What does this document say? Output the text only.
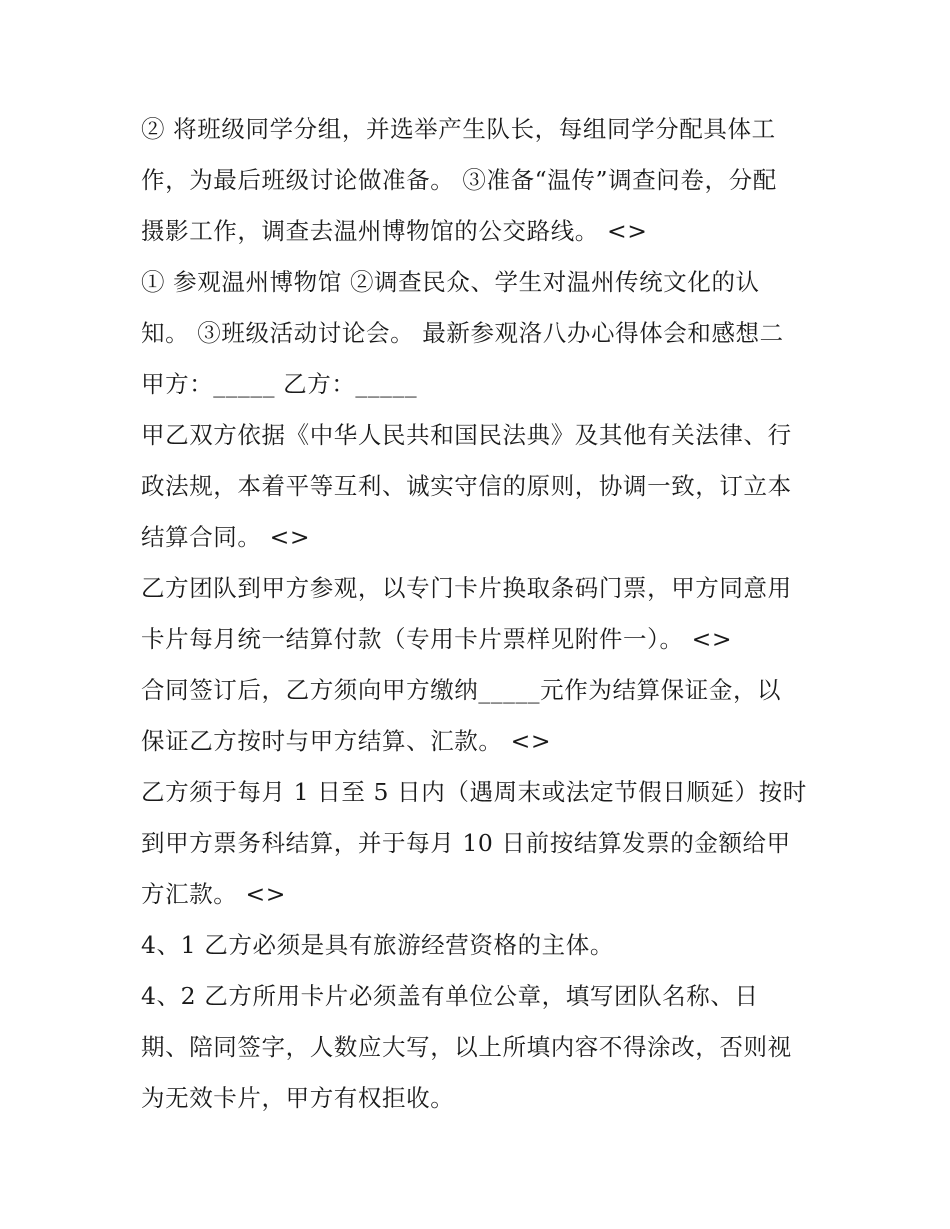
② 将班级同学分组，并选举产生队长，每组同学分配具体工
作，为最后班级讨论做准备。 ③准备“温传”调查问卷，分配
摄影工作，调查去温州博物馆的公交路线。 <>
① 参观温州博物馆 ②调查民众、学生对温州传统文化的认
知。 ③班级活动讨论会。 最新参观洛八办心得体会和感想二
甲方：_____ 乙方：_____
甲乙双方依据《中华人民共和国民法典》及其他有关法律、行
政法规，本着平等互利、诚实守信的原则，协调一致，订立本
结算合同。 <>
乙方团队到甲方参观，以专门卡片换取条码门票，甲方同意用
卡片每月统一结算付款（专用卡片票样见附件一）。 <>
合同签订后，乙方须向甲方缴纳_____元作为结算保证金，以
保证乙方按时与甲方结算、汇款。 <>
乙方须于每月 1 日至 5 日内（遇周末或法定节假日顺延）按时
到甲方票务科结算，并于每月 10 日前按结算发票的金额给甲
方汇款。 <>
4、1 乙方必须是具有旅游经营资格的主体。
4、2 乙方所用卡片必须盖有单位公章，填写团队名称、日
期、陪同签字，人数应大写，以上所填内容不得涂改，否则视
为无效卡片，甲方有权拒收。
